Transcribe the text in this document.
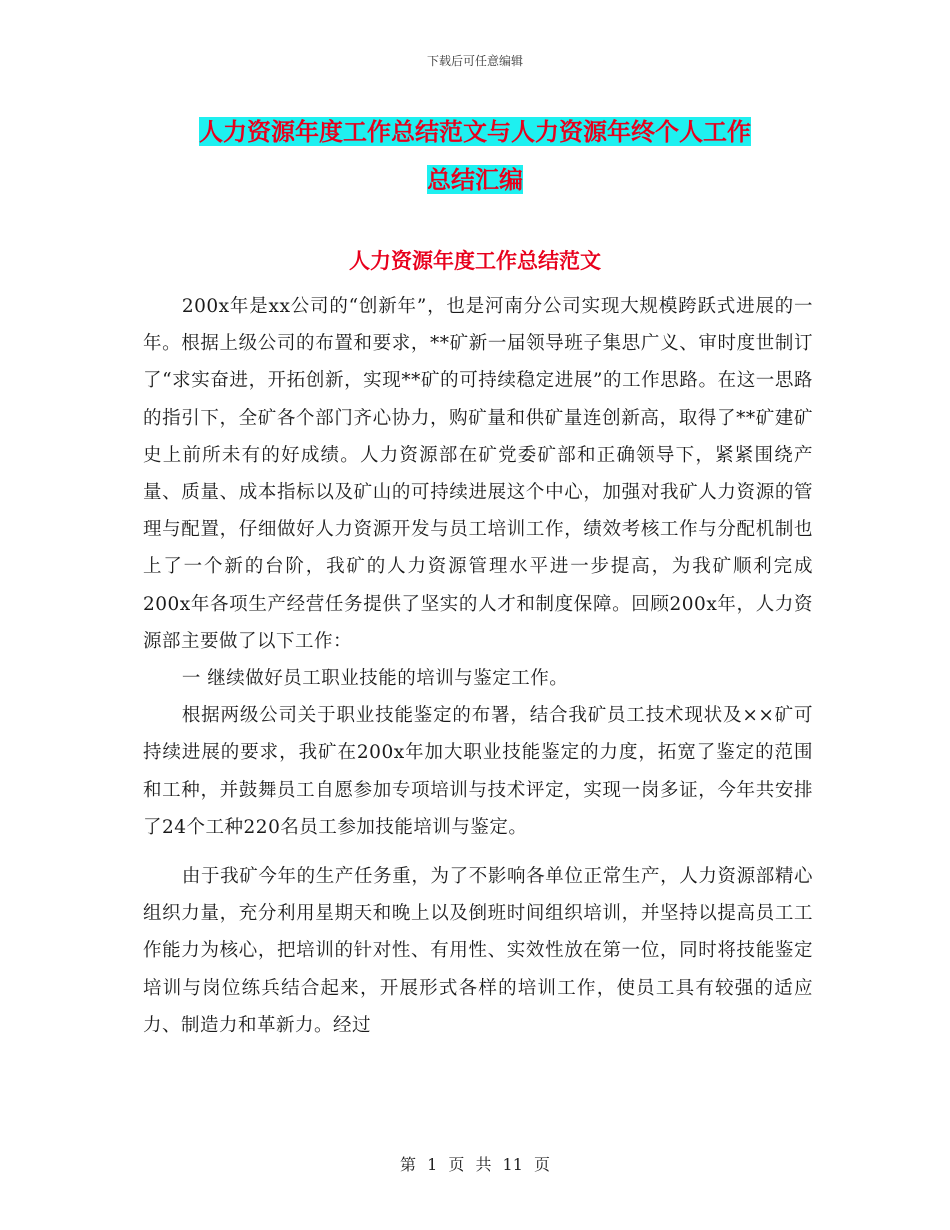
下载后可任意编辑
人力资源年度工作总结范文与人力资源年终个人工作
总结汇编
人力资源年度工作总结范文

200x年是xx公司的“创新年”，也是河南分公司实现大规模跨跃式进展的一年。根据上级公司的布置和要求，**矿新一届领导班子集思广义、审时度世制订了“求实奋进，开拓创新，实现**矿的可持续稳定进展”的工作思路。在这一思路的指引下，全矿各个部门齐心协力，购矿量和供矿量连创新高，取得了**矿建矿史上前所未有的好成绩。人力资源部在矿党委矿部和正确领导下，紧紧围绕产量、质量、成本指标以及矿山的可持续进展这个中心，加强对我矿人力资源的管理与配置，仔细做好人力资源开发与员工培训工作，绩效考核工作与分配机制也上了一个新的台阶，我矿的人力资源管理水平进一步提高，为我矿顺利完成200x年各项生产经营任务提供了坚实的人才和制度保障。回顾200x年，人力资源部主要做了以下工作：

一 继续做好员工职业技能的培训与鉴定工作。

根据两级公司关于职业技能鉴定的布署，结合我矿员工技术现状及××矿可持续进展的要求，我矿在200x年加大职业技能鉴定的力度，拓宽了鉴定的范围和工种，并鼓舞员工自愿参加专项培训与技术评定，实现一岗多证，今年共安排了24个工种220名员工参加技能培训与鉴定。

由于我矿今年的生产任务重，为了不影响各单位正常生产，人力资源部精心组织力量，充分利用星期天和晚上以及倒班时间组织培训，并坚持以提高员工工作能力为核心，把培训的针对性、有用性、实效性放在第一位，同时将技能鉴定培训与岗位练兵结合起来，开展形式各样的培训工作，使员工具有较强的适应力、制造力和革新力。经过

第 1 页 共 11 页
